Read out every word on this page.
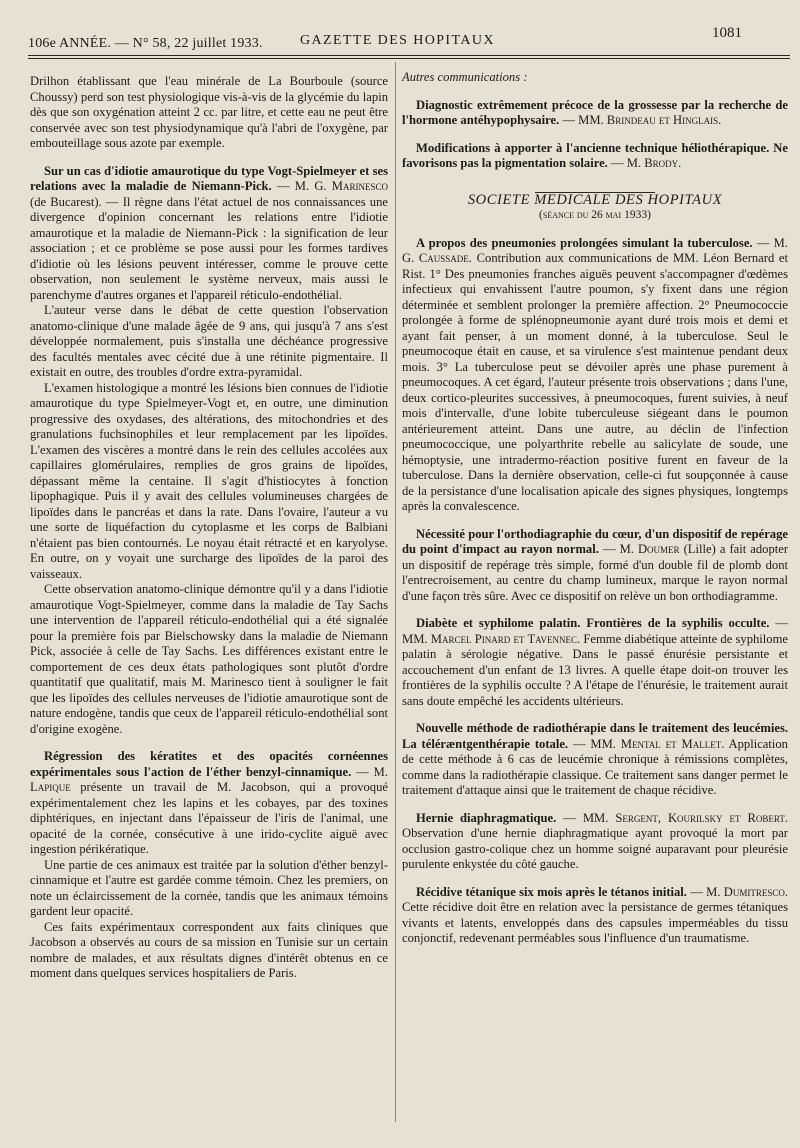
106e ANNÉE. — N° 58, 22 juillet 1933.	GAZETTE DES HOPITAUX	1081

Drilhon établissant que l'eau minérale de La Bourboule (source Choussy) perd son test physiologique vis-à-vis de la glycémie du lapin dès que son oxygénation atteint 2 cc. par litre, et cette eau ne peut être conservée avec son test physiodynamique qu'à l'abri de l'oxygène, par embouteillage sous azote par exemple.

Sur un cas d'idiotie amaurotique du type Vogt-Spielmeyer et ses relations avec la maladie de Niemann-Pick. — M. G. Marinesco (de Bucarest). — Il règne dans l'état actuel de nos connaissances une divergence d'opinion concernant les relations entre l'idiotie amaurotique et la maladie de Niemann-Pick : la signification de leur association ; et ce problème se pose aussi pour les formes tardives d'idiotie où les lésions peuvent intéresser, comme le prouve cette observation, non seulement le système nerveux, mais aussi le parenchyme d'autres organes et l'appareil réticulo-endothélial.

L'auteur verse dans le débat de cette question l'observation anatomo-clinique d'une malade âgée de 9 ans, qui jusqu'à 7 ans s'est développée normalement, puis s'installa une déchéance progressive des facultés mentales avec cécité due à une rétinite pigmentaire. Il existait en outre, des troubles d'ordre extra-pyramidal.

L'examen histologique a montré les lésions bien connues de l'idiotie amaurotique du type Spielmeyer-Vogt et, en outre, une diminution progressive des oxydases, des altérations, des mitochondries et des granulations fuchsinophiles et leur remplacement par les lipoïdes. L'examen des viscères a montré dans le rein des cellules accolées aux capillaires glomérulaires, remplies de gros grains de lipoïdes, dépassant même la centaine. Il s'agit d'histiocytes à fonction lipophagique. Puis il y avait des cellules volumineuses chargées de lipoïdes dans le pancréas et dans la rate. Dans l'ovaire, l'auteur a vu une sorte de liquéfaction du cytoplasme et les corps de Balbiani n'étaient pas bien contournés. Le noyau était rétracté et en karyolyse. En outre, on y voyait une surcharge des lipoïdes de la paroi des vaisseaux.

Cette observation anatomo-clinique démontre qu'il y a dans l'idiotie amaurotique Vogt-Spielmeyer, comme dans la maladie de Tay Sachs une intervention de l'appareil réticulo-endothélial qui a été signalée pour la première fois par Bielschowsky dans la maladie de Niemann Pick, associée à celle de Tay Sachs. Les différences existant entre le comportement de ces deux états pathologiques sont plutôt d'ordre quantitatif que qualitatif, mais M. Marinesco tient à souligner le fait que les lipoïdes des cellules nerveuses de l'idiotie amaurotique sont de nature endogène, tandis que ceux de l'appareil réticulo-endothélial sont d'origine exogène.

Régression des kératites et des opacités cornéennes expérimentales sous l'action de l'éther benzyl-cinnamique. — M. Lapique présente un travail de M. Jacobson, qui a provoqué expérimentalement chez les lapins et les cobayes, par des toxines diphtériques, en injectant dans l'épaisseur de l'iris de l'animal, une opacité de la cornée, consécutive à une irido-cyclite aiguë avec ingestion périkératique.

Une partie de ces animaux est traitée par la solution d'éther benzyl-cinnamique et l'autre est gardée comme témoin. Chez les premiers, on note un éclaircissement de la cornée, tandis que les animaux témoins gardent leur opacité.

Ces faits expérimentaux correspondent aux faits cliniques que Jacobson a observés au cours de sa mission en Tunisie sur un certain nombre de malades, et aux résultats dignes d'intérêt obtenus en ce moment dans quelques services hospitaliers de Paris.

Autres communications :

Diagnostic extrêmement précoce de la grossesse par la recherche de l'hormone antéhypophysaire. — MM. Brindeau et Hinglais.

Modifications à apporter à l'ancienne technique héliothérapique. Ne favorisons pas la pigmentation solaire. — M. Brody.

SOCIETE MEDICALE DES HOPITAUX

(séance du 26 mai 1933)

A propos des pneumonies prolongées simulant la tuberculose. — M. G. Caussade. Contribution aux communications de MM. Léon Bernard et Rist. 1° Des pneumonies franches aiguës peuvent s'accompagner d'œdèmes infectieux qui envahissent l'autre poumon, s'y fixent dans une région déterminée et semblent prolonger la première affection. 2° Pneumococcie prolongée à forme de splénopneumonie ayant duré trois mois et demi et ayant fait penser, à un moment donné, à la tuberculose. Seul le pneumocoque était en cause, et sa virulence s'est maintenue pendant deux mois. 3° La tuberculose peut se dévoiler après une phase purement à pneumocoques. A cet égard, l'auteur présente trois observations ; dans l'une, deux cortico-pleurites successives, à pneumocoques, furent suivies, à neuf mois d'intervalle, d'une lobite tuberculeuse siégeant dans le poumon antérieurement atteint. Dans une autre, au déclin de l'infection pneumococcique, une polyarthrite rebelle au salicylate de soude, une hémoptysie, une intradermo-réaction positive furent en faveur de la tuberculose. Dans la dernière observation, celle-ci fut soupçonnée à cause de la persistance d'une localisation apicale des signes physiques, longtemps après la convalescence.

Nécessité pour l'orthodiagraphie du cœur, d'un dispositif de repérage du point d'impact au rayon normal. — M. Doumer (Lille) a fait adopter un dispositif de repérage très simple, formé d'un double fil de plomb dont l'entrecroisement, au centre du champ lumineux, marque le rayon normal d'une façon très sûre. Avec ce dispositif on relève un bon orthodiagramme.

Diabète et syphilome palatin. Frontières de la syphilis occulte. — MM. Marcel Pinard et Tavennec. Femme diabétique atteinte de syphilome palatin à sérologie négative. Dans le passé énurésie persistante et accouchement d'un enfant de 13 livres. A quelle étape doit-on trouver les frontières de la syphilis occulte ? A l'étape de l'énurésie, le traitement aurait sans doute empêché les accidents ultérieurs.

Nouvelle méthode de radiothérapie dans le traitement des leucémies. La téléræntgenthérapie totale. — MM. Mental et Mallet. Application de cette méthode à 6 cas de leucémie chronique à rémissions complètes, comme dans la radiothérapie classique. Ce traitement sans danger permet le traitement d'attaque ainsi que le traitement de chaque récidive.

Hernie diaphragmatique. — MM. Sergent, Kourilsky et Robert. Observation d'une hernie diaphragmatique ayant provoqué la mort par occlusion gastro-colique chez un homme soigné auparavant pour pleurésie purulente enkystée du côté gauche.

Récidive tétanique six mois après le tétanos initial. — M. Dumitresco. Cette récidive doit être en relation avec la persistance de germes tétaniques vivants et latents, enveloppés dans des capsules imperméables du tissu conjonctif, redevenant perméables sous l'influence d'un traumatisme.
